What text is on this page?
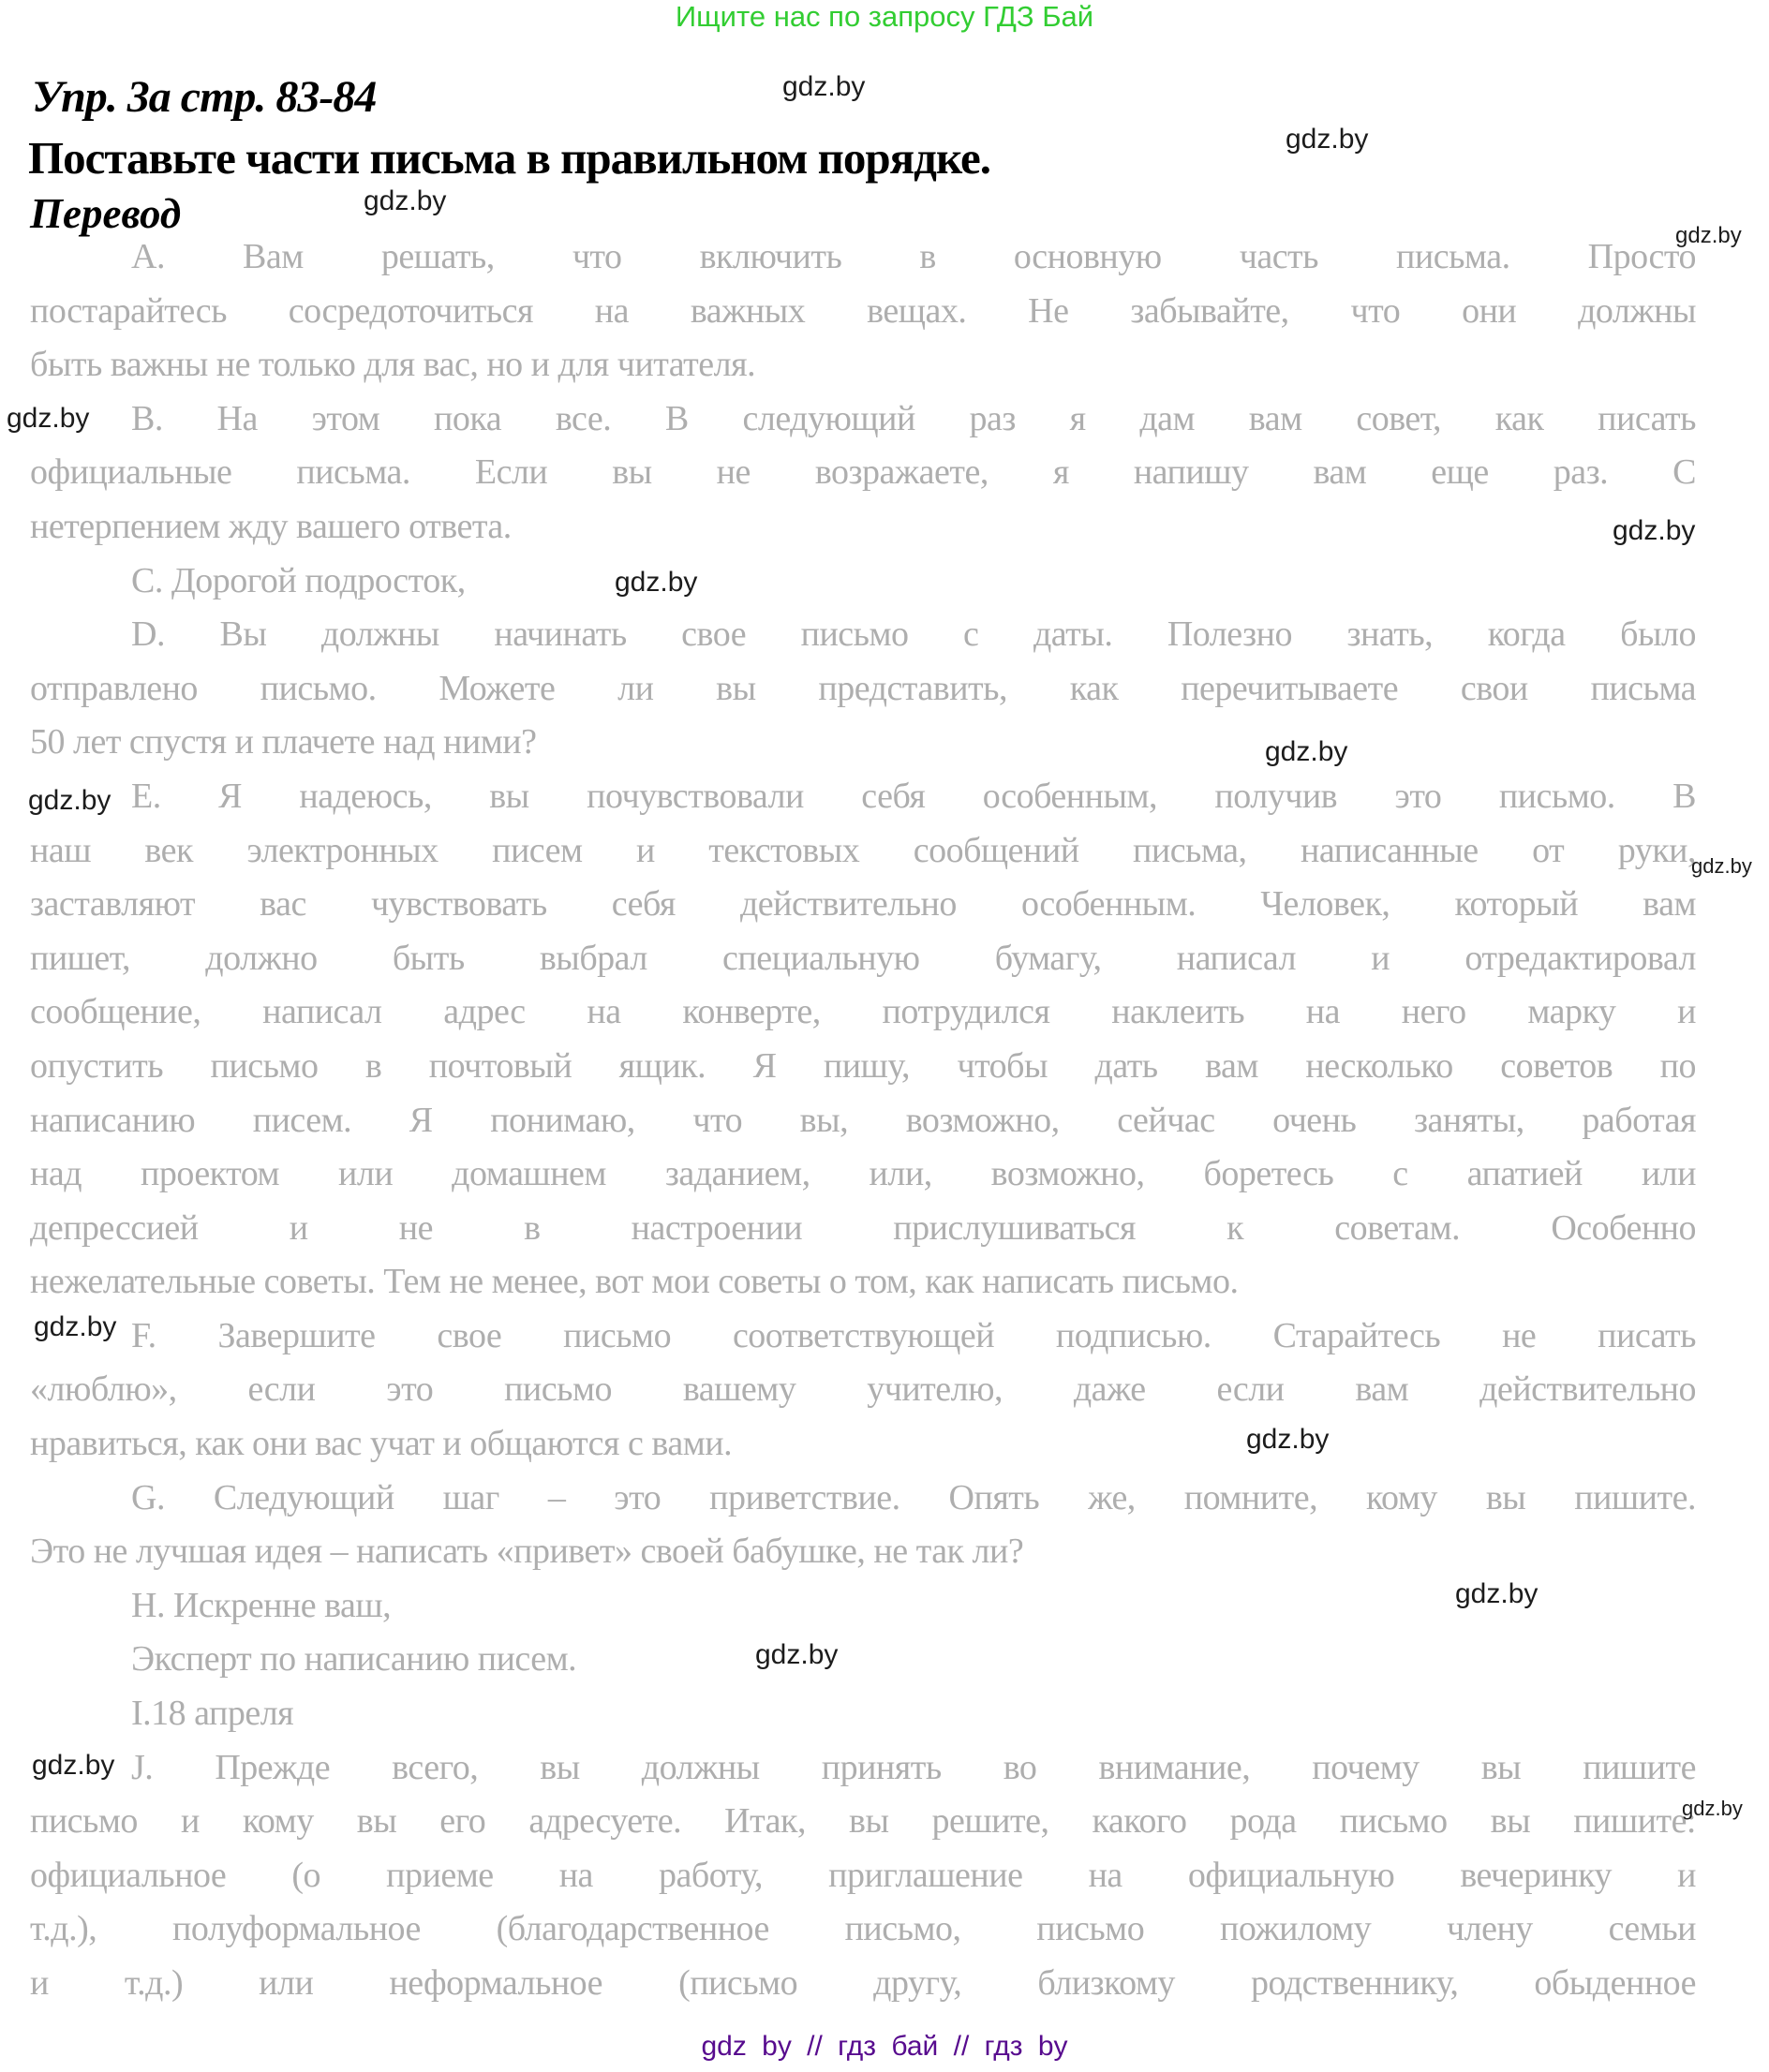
Ищите нас по запросу ГДЗ Бай
Упр. 3а стр. 83-84
Поставьте части письма в правильном порядке.
Перевод
А. Вам решать, что включить в основную часть письма. Просто
постарайтесь сосредоточиться на важных вещах. Не забывайте, что они должны
быть важны не только для вас, но и для читателя.
В. На этом пока все. В следующий раз я дам вам совет, как писать
официальные письма. Если вы не возражаете, я напишу вам еще раз. С
нетерпением жду вашего ответа.
С. Дорогой подросток,
D. Вы должны начинать свое письмо с даты. Полезно знать, когда было
отправлено письмо. Можете ли вы представить, как перечитываете свои письма
50 лет спустя и плачете над ними?
Е. Я надеюсь, вы почувствовали себя особенным, получив это письмо. В
наш век электронных писем и текстовых сообщений письма, написанные от руки,
заставляют вас чувствовать себя действительно особенным. Человек, который вам
пишет, должно быть выбрал специальную бумагу, написал и отредактировал
сообщение, написал адрес на конверте, потрудился наклеить на него марку и
опустить письмо в почтовый ящик. Я пишу, чтобы дать вам несколько советов по
написанию писем. Я понимаю, что вы, возможно, сейчас очень заняты, работая
над проектом или домашнем заданием, или, возможно, боретесь с апатией или
депрессией и не в настроении прислушиваться к советам. Особенно
нежелательные советы. Тем не менее, вот мои советы о том, как написать письмо.
F. Завершите свое письмо соответствующей подписью. Старайтесь не писать
«люблю», если это письмо вашему учителю, даже если вам действительно
нравиться, как они вас учат и общаются с вами.
G. Следующий шаг – это приветствие. Опять же, помните, кому вы пишите.
Это не лучшая идея – написать «привет» своей бабушке, не так ли?
Н. Искренне ваш,
Эксперт по написанию писем.
I.18 апреля
J. Прежде всего, вы должны принять во внимание, почему вы пишите
письмо и кому вы его адресуете. Итак, вы решите, какого рода письмо вы пишите:
официальное (о приеме на работу, приглашение на официальную вечеринку и
т.д.), полуформальное (благодарственное письмо, письмо пожилому члену семьи
и т.д.) или неформальное (письмо другу, близкому родственнику, обыденное
gdz.by
gdz.by
gdz.by
gdz.by
gdz.by
gdz.by
gdz.by
gdz.by
gdz.by
gdz.by
gdz.by
gdz.by
gdz.by
gdz.by
gdz.by
gdz.by
gdz by // гдз бай // гдз by
